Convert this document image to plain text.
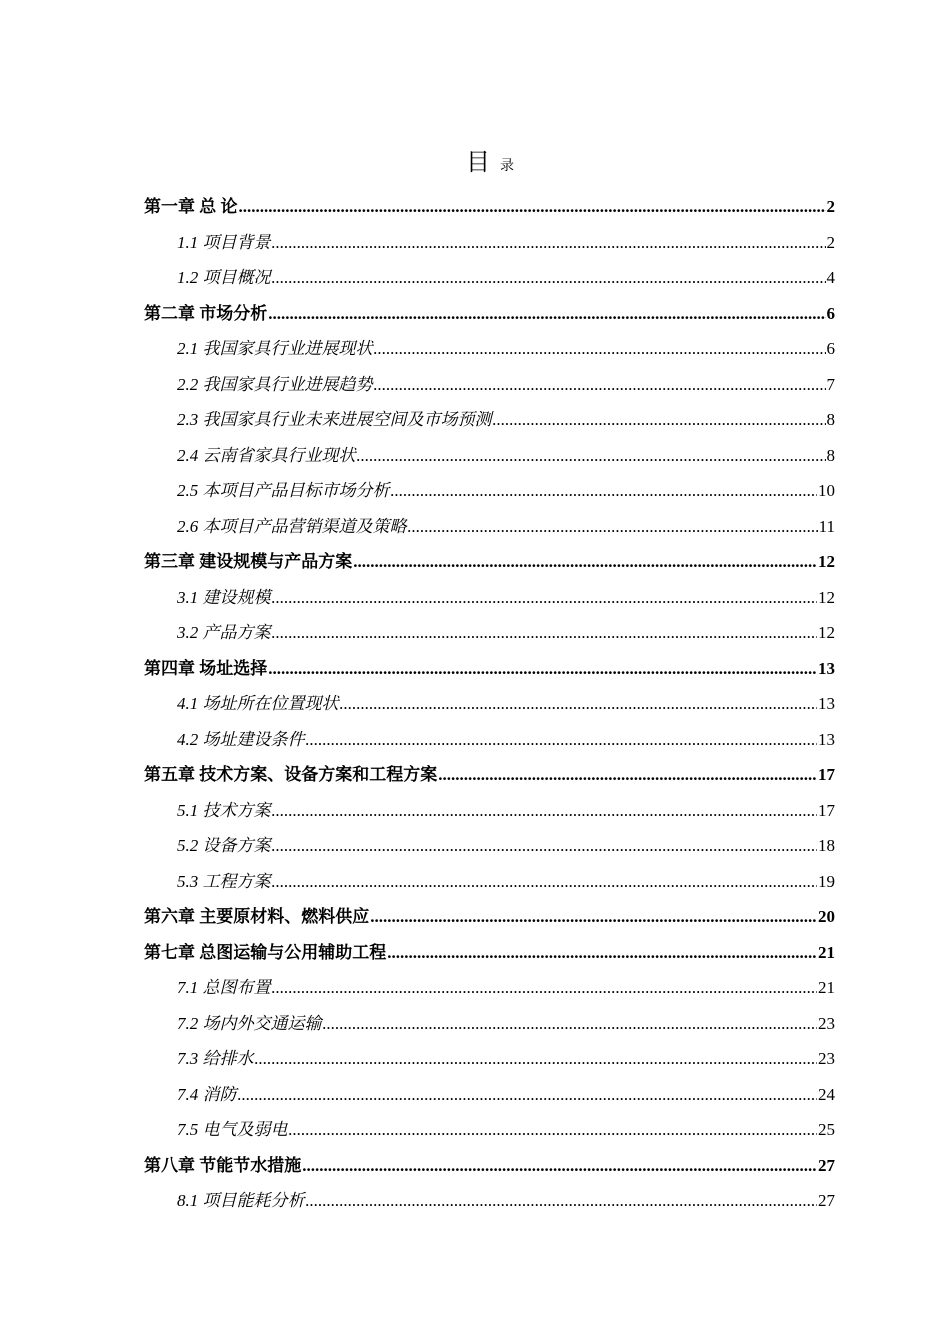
目录
第一章 总 论 .....	2
1.1 项目背景 .....	2
1.2 项目概况 .....	4
第二章 市场分析 .....	6
2.1 我国家具行业进展现状 .....	6
2.2 我国家具行业进展趋势 .....	7
2.3 我国家具行业未来进展空间及市场预测 .....	8
2.4 云南省家具行业现状 .....	8
2.5 本项目产品目标市场分析 .....	10
2.6 本项目产品营销渠道及策略 .....	11
第三章 建设规模与产品方案 .....	12
3.1 建设规模 .....	12
3.2 产品方案 .....	12
第四章 场址选择 .....	13
4.1 场址所在位置现状 .....	13
4.2 场址建设条件 .....	13
第五章 技术方案、设备方案和工程方案 .....	17
5.1 技术方案 .....	17
5.2 设备方案 .....	18
5.3 工程方案 .....	19
第六章 主要原材料、燃料供应 .....	20
第七章 总图运输与公用辅助工程 .....	21
7.1 总图布置 .....	21
7.2 场内外交通运输 .....	23
7.3 给排水 .....	23
7.4 消防 .....	24
7.5 电气及弱电 .....	25
第八章 节能节水措施 .....	27
8.1 项目能耗分析 .....	27
